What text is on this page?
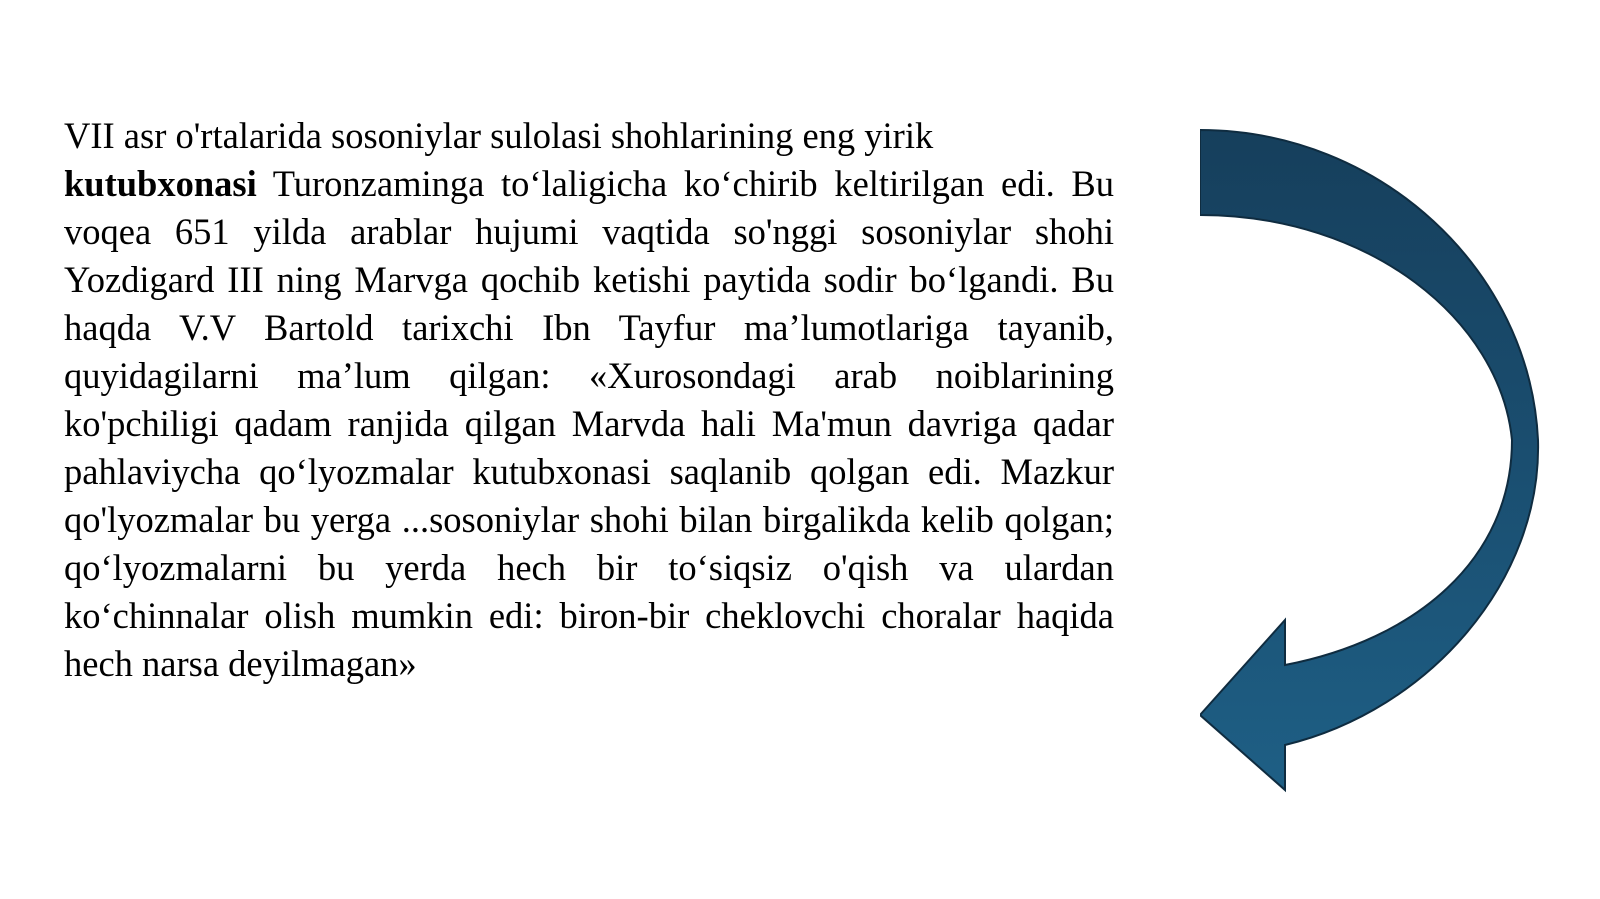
VII asr o'rtalarida sosoniylar sulolasi shohlarining eng yirik
kutubxonasi Turonzaminga to‘laligicha ko‘chirib keltirilgan edi. Bu voqea 651 yilda arablar hujumi vaqtida so'nggi sosoniylar shohi Yozdigard III ning Marvga qochib ketishi paytida sodir bo‘lgandi. Bu haqda V.V Bartold tarixchi Ibn Tayfur ma’lumotlariga tayanib, quyidagilarni ma’lum qilgan: «Xurosondagi arab noiblarining ko'pchiligi qadam ranjida qilgan Marvda hali Ma'mun davriga qadar pahlaviycha qo‘lyozmalar kutubxonasi saqlanib qolgan edi. Mazkur qo'lyozmalar bu yerga ...sosoniylar shohi bilan birgalikda kelib qolgan; qo‘lyozmalarni bu yerda hech bir to‘siqsiz o'qish va ulardan ko‘chinnalar olish mumkin edi: biron-bir cheklovchi choralar haqida hech narsa deyilmagan»
